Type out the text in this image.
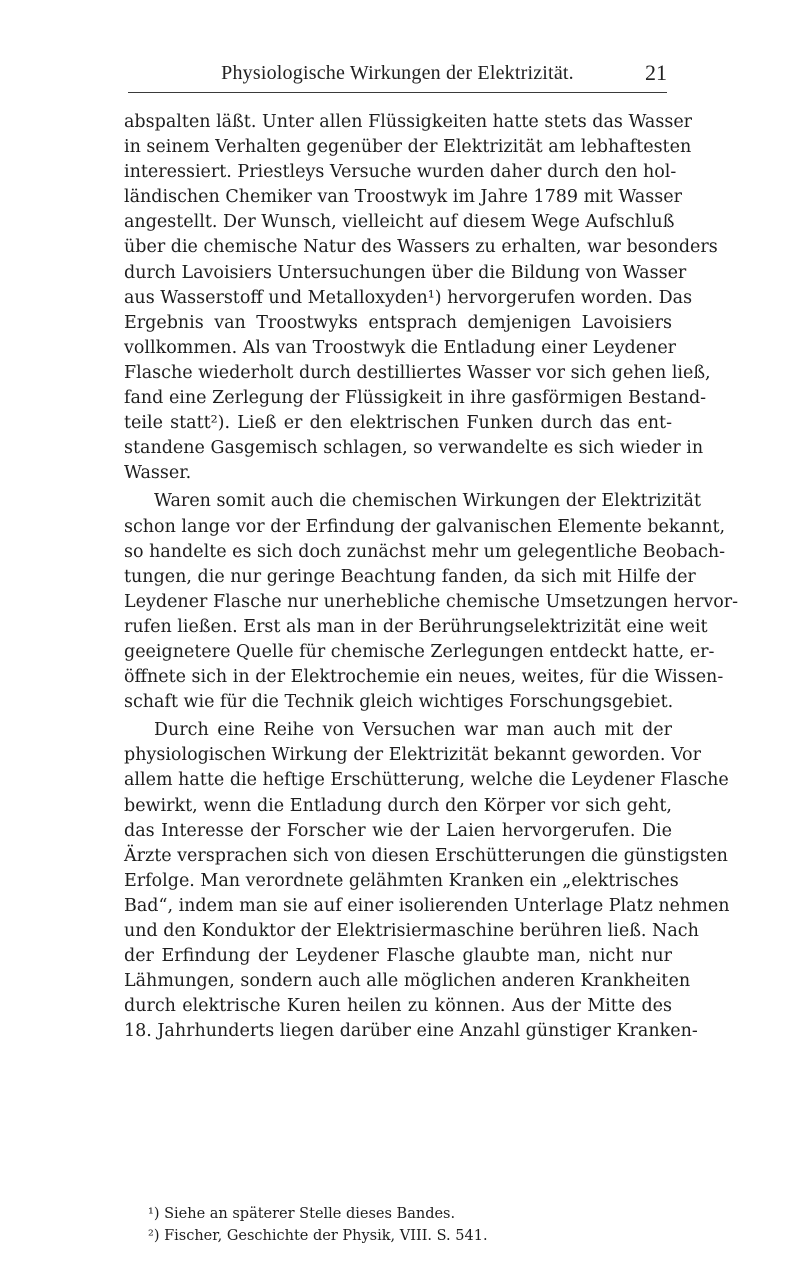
Physiologische Wirkungen der Elektrizität.	21
abspalten läßt. Unter allen Flüssigkeiten hatte stets das Wasser
in seinem Verhalten gegenüber der Elektrizität am lebhaftesten
interessiert. Priestleys Versuche wurden daher durch den hol-
ländischen Chemiker van Troostwyk im Jahre 1789 mit Wasser
angestellt. Der Wunsch, vielleicht auf diesem Wege Aufschluß
über die chemische Natur des Wassers zu erhalten, war besonders
durch Lavoisiers Untersuchungen über die Bildung von Wasser
aus Wasserstoff und Metalloxyden¹) hervorgerufen worden. Das
Ergebnis van Troostwyks entsprach demjenigen Lavoisiers
vollkommen. Als van Troostwyk die Entladung einer Leydener
Flasche wiederholt durch destilliertes Wasser vor sich gehen ließ,
fand eine Zerlegung der Flüssigkeit in ihre gasförmigen Bestand-
teile statt²). Ließ er den elektrischen Funken durch das ent-
standene Gasgemisch schlagen, so verwandelte es sich wieder in
Wasser.
Waren somit auch die chemischen Wirkungen der Elektrizität
schon lange vor der Erfindung der galvanischen Elemente bekannt,
so handelte es sich doch zunächst mehr um gelegentliche Beobach-
tungen, die nur geringe Beachtung fanden, da sich mit Hilfe der
Leydener Flasche nur unerhebliche chemische Umsetzungen hervor-
rufen ließen. Erst als man in der Berührungselektrizität eine weit
geeignetere Quelle für chemische Zerlegungen entdeckt hatte, er-
öffnete sich in der Elektrochemie ein neues, weites, für die Wissen-
schaft wie für die Technik gleich wichtiges Forschungsgebiet.
Durch eine Reihe von Versuchen war man auch mit der
physiologischen Wirkung der Elektrizität bekannt geworden. Vor
allem hatte die heftige Erschütterung, welche die Leydener Flasche
bewirkt, wenn die Entladung durch den Körper vor sich geht,
das Interesse der Forscher wie der Laien hervorgerufen. Die
Ärzte versprachen sich von diesen Erschütterungen die günstigsten
Erfolge. Man verordnete gelähmten Kranken ein „elektrisches
Bad“, indem man sie auf einer isolierenden Unterlage Platz nehmen
und den Konduktor der Elektrisiermaschine berühren ließ. Nach
der Erfindung der Leydener Flasche glaubte man, nicht nur
Lähmungen, sondern auch alle möglichen anderen Krankheiten
durch elektrische Kuren heilen zu können. Aus der Mitte des
18. Jahrhunderts liegen darüber eine Anzahl günstiger Kranken-
¹) Siehe an späterer Stelle dieses Bandes.
²) Fischer, Geschichte der Physik, VIII. S. 541.
